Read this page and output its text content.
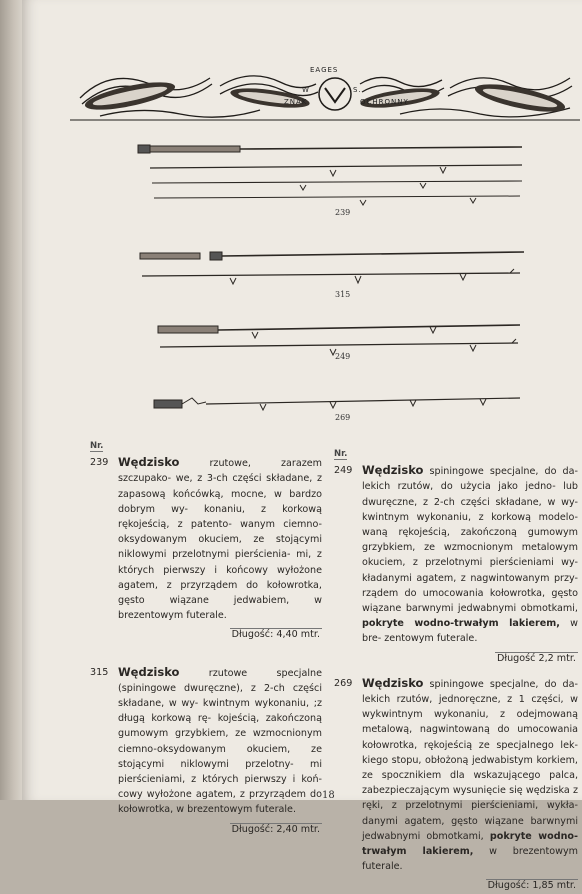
EAGES
W	S.
ZNAK	OCHRONNY
239
315
249
269
Nr.
239 Wędzisko	rzutowe, zarazem szczupako- we, z 3-ch części składane, z zapasową końcówką, mocne, w bardzo dobrym wy- konaniu, z korkową rękojeścią, z patento- wanym ciemno-oksydowanym okuciem, ze stojącymi niklowymi przelotnymi pierścienia- mi, z których pierwszy i końcowy wyłożone agatem, z przyrządem do kołowrotka, gęsto	wiązane jedwabiem, w brezentowym futerale.
Długość: 4,40 mtr.
315 Wędzisko	rzutowe specjalne (spiningowe dwuręczne), z 2-ch części składane, w wy- kwintnym wykonaniu, ;z długą korkową rę- kojeścią, zakończoną gumowym grzybkiem, ze wzmocnionym ciemno-oksydowanym okuciem, ze stojącymi niklowymi przelotny- mi pierścieniami, z których pierwszy i koń- cowy wyłożone agatem, z przyrządem do kołowrotka, w brezentowym futerale.
Długość: 2,40 mtr.
Nr.
249 Wędzisko spiningowe specjalne, do da- lekich rzutów, do użycia jako jedno- lub dwuręczne, z 2-ch części składane, w wy- kwintnym wykonaniu, z korkową modelo- waną rękojeścią, zakończoną gumowym grzybkiem, ze wzmocnionym metalowym okuciem, z przelotnymi pierścieniami wy- kładanymi agatem, z nagwintowanym przy- rządem do umocowania kołowrotka, gęsto wiązane barwnymi jedwabnymi obmotkami, pokryte wodno-trwałym lakierem, w bre- zentowym futerale.
Długość 2,2 mtr.
269 Wędzisko spiningowe specjalne, do da- lekich rzutów, jednoręczne, z 1 części, w wykwintnym wykonaniu, z odejmowaną metalową, nagwintowaną do umocowania kołowrotka, rękojeścią ze specjalnego lek- kiego stopu, obłożoną jedwabistym korkiem, ze spocznikiem dla wskazującego palca, zabezpieczającym wysunięcie się wędziska z ręki, z przelotnymi pierścieniami, wykła- danymi agatem, gęsto wiązane barwnymi jedwabnymi obmotkami, pokryte wodno- trwałym lakierem, w brezentowym futerale.
Długość: 1,85 mtr.
18
